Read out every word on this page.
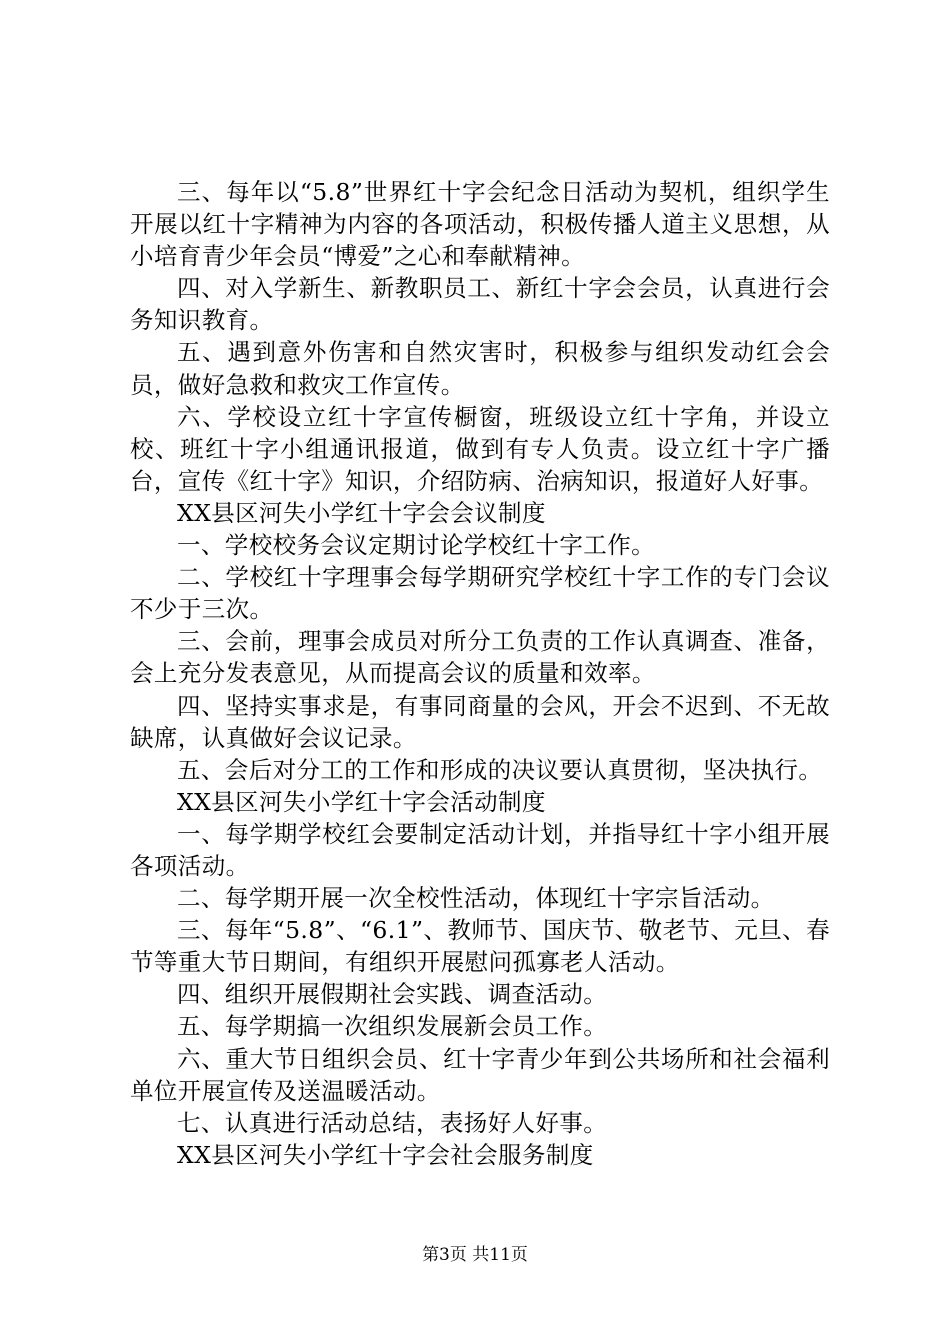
三、每年以“5.8”世界红十字会纪念日活动为契机，组织学生开展以红十字精神为内容的各项活动，积极传播人道主义思想，从小培育青少年会员“博爱”之心和奉献精神。

四、对入学新生、新教职员工、新红十字会会员，认真进行会务知识教育。

五、遇到意外伤害和自然灾害时，积极参与组织发动红会会员，做好急救和救灾工作宣传。

六、学校设立红十字宣传橱窗，班级设立红十字角，并设立校、班红十字小组通讯报道，做到有专人负责。设立红十字广播台，宣传《红十字》知识，介绍防病、治病知识，报道好人好事。

XX县区河失小学红十字会会议制度

一、学校校务会议定期讨论学校红十字工作。

二、学校红十字理事会每学期研究学校红十字工作的专门会议不少于三次。

三、会前，理事会成员对所分工负责的工作认真调查、准备，会上充分发表意见，从而提高会议的质量和效率。

四、坚持实事求是，有事同商量的会风，开会不迟到、不无故缺席，认真做好会议记录。

五、会后对分工的工作和形成的决议要认真贯彻，坚决执行。

XX县区河失小学红十字会活动制度

一、每学期学校红会要制定活动计划，并指导红十字小组开展各项活动。

二、每学期开展一次全校性活动，体现红十字宗旨活动。

三、每年“5.8”、“6.1”、教师节、国庆节、敬老节、元旦、春节等重大节日期间，有组织开展慰问孤寡老人活动。

四、组织开展假期社会实践、调查活动。

五、每学期搞一次组织发展新会员工作。

六、重大节日组织会员、红十字青少年到公共场所和社会福利单位开展宣传及送温暖活动。

七、认真进行活动总结，表扬好人好事。

XX县区河失小学红十字会社会服务制度

第3页 共11页
